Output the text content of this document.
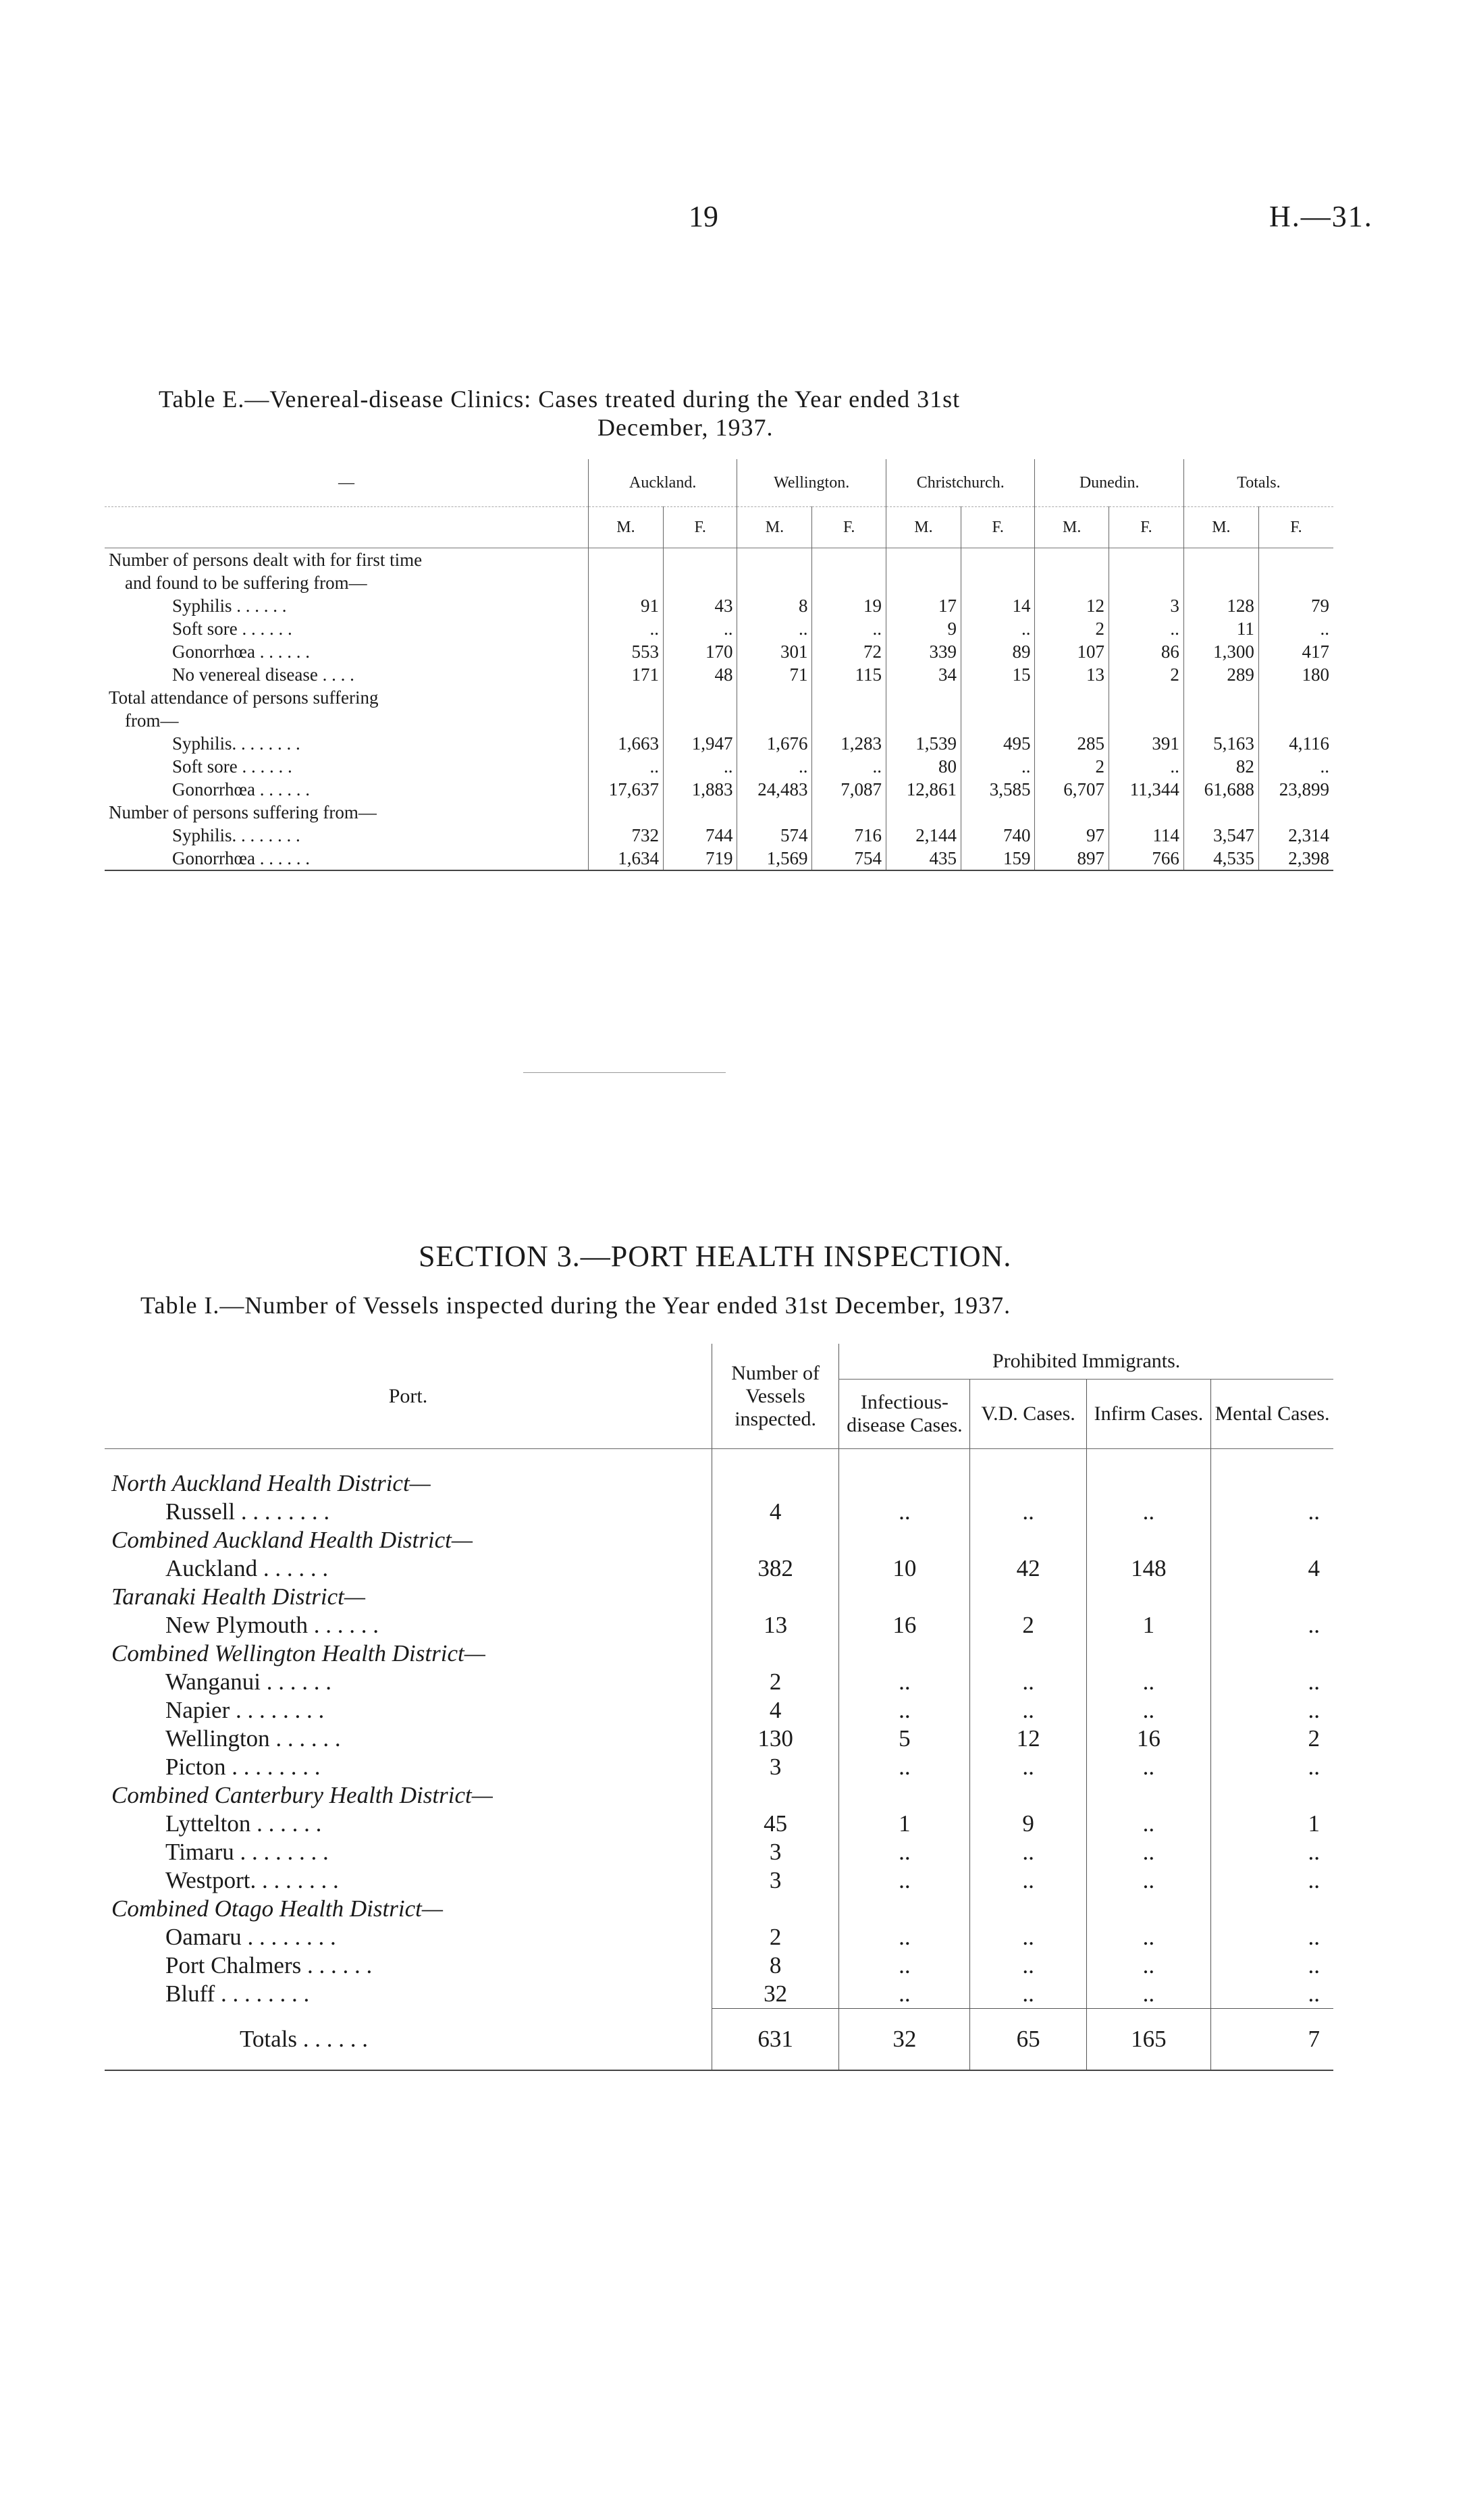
19	H.—31.
Table E.—Venereal-disease Clinics: Cases treated during the Year ended 31st
December, 1937.
—	Auckland.		Wellington.		Christchurch.		Dunedin.		Totals.	
	M.	F.	M.	F.	M.	F.	M.	F.	M.	F.
Number of persons dealt with for first time										
and found to be suffering from—										
Syphilis . . . . . .	91	43	8	19	17	14	12	3	128	79
Soft sore . . . . . .	..	..	..	..	9	..	2	..	11	..
Gonorrhœa . . . . . .	553	170	301	72	339	89	107	86	1,300	417
No venereal disease . . . .	171	48	71	115	34	15	13	2	289	180
Total attendance of persons suffering										
from—										
Syphilis. . . . . . . .	1,663	1,947	1,676	1,283	1,539	495	285	391	5,163	4,116
Soft sore . . . . . .	..	..	..	..	80	..	2	..	82	..
Gonorrhœa . . . . . .	17,637	1,883	24,483	7,087	12,861	3,585	6,707	11,344	61,688	23,899
Number of persons suffering from—										
Syphilis. . . . . . . .	732	744	574	716	2,144	740	97	114	3,547	2,314
Gonorrhœa . . . . . .	1,634	719	1,569	754	435	159	897	766	4,535	2,398
SECTION 3.—PORT HEALTH INSPECTION.
Table I.—Number of Vessels inspected during the Year ended 31st December, 1937.
Port.	Number of Vessels inspected.	Prohibited Immigrants.			
		Infectious-disease Cases.	V.D. Cases.	Infirm Cases.	Mental Cases.

North Auckland Health District—					
Russell . . . . . . . .	4	..	..	..	..
Combined Auckland Health District—					
Auckland . . . . . .	382	10	42	148	4
Taranaki Health District—					
New Plymouth . . . . . .	13	16	2	1	..
Combined Wellington Health District—					
Wanganui . . . . . .	2	..	..	..	..
Napier . . . . . . . .	4	..	..	..	..
Wellington . . . . . .	130	5	12	16	2
Picton . . . . . . . .	3	..	..	..	..
Combined Canterbury Health District—					
Lyttelton . . . . . .	45	1	9	..	1
Timaru . . . . . . . .	3	..	..	..	..
Westport. . . . . . . .	3	..	..	..	..
Combined Otago Health District—					
Oamaru . . . . . . . .	2	..	..	..	..
Port Chalmers . . . . . .	8	..	..	..	..
Bluff . . . . . . . .	32	..	..	..	..
Totals . . . . . .	631	32	65	165	7
